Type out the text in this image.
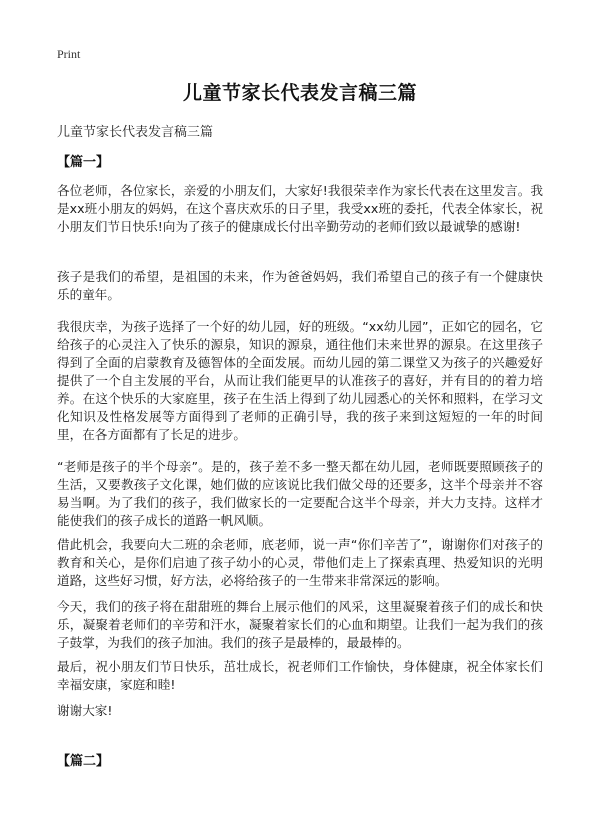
Print
儿童节家长代表发言稿三篇
儿童节家长代表发言稿三篇
【篇一】
各位老师，各位家长，亲爱的小朋友们，大家好!我很荣幸作为家长代表在这里发言。我是xx班小朋友的妈妈，在这个喜庆欢乐的日子里，我受xx班的委托，代表全体家长，祝小朋友们节日快乐!向为了孩子的健康成长付出辛勤劳动的老师们致以最诚挚的感谢!
孩子是我们的希望，是祖国的未来，作为爸爸妈妈，我们希望自己的孩子有一个健康快乐的童年。
我很庆幸，为孩子选择了一个好的幼儿园，好的班级。“xx幼儿园”，正如它的园名，它给孩子的心灵注入了快乐的源泉，知识的源泉，通往他们未来世界的源泉。在这里孩子得到了全面的启蒙教育及德智体的全面发展。而幼儿园的第二课堂又为孩子的兴趣爱好提供了一个自主发展的平台，从而让我们能更早的认准孩子的喜好，并有目的的着力培养。在这个快乐的大家庭里，孩子在生活上得到了幼儿园悉心的关怀和照料，在学习文化知识及性格发展等方面得到了老师的正确引导，我的孩子来到这短短的一年的时间里，在各方面都有了长足的进步。
“老师是孩子的半个母亲”。是的，孩子差不多一整天都在幼儿园，老师既要照顾孩子的生活，又要教孩子文化课，她们做的应该说比我们做父母的还要多，这半个母亲并不容易当啊。为了我们的孩子，我们做家长的一定要配合这半个母亲，并大力支持。这样才能使我们的孩子成长的道路一帆风顺。
借此机会，我要向大二班的余老师，底老师，说一声“你们辛苦了”，谢谢你们对孩子的教育和关心，是你们启迪了孩子幼小的心灵，带他们走上了探索真理、热爱知识的光明道路，这些好习惯，好方法，必将给孩子的一生带来非常深远的影响。
今天，我们的孩子将在甜甜班的舞台上展示他们的风采，这里凝聚着孩子们的成长和快乐，凝聚着老师们的辛劳和汗水，凝聚着家长们的心血和期望。让我们一起为我们的孩子鼓掌，为我们的孩子加油。我们的孩子是最棒的，最最棒的。
最后，祝小朋友们节日快乐，茁壮成长，祝老师们工作愉快，身体健康，祝全体家长们幸福安康，家庭和睦!
谢谢大家!
【篇二】
